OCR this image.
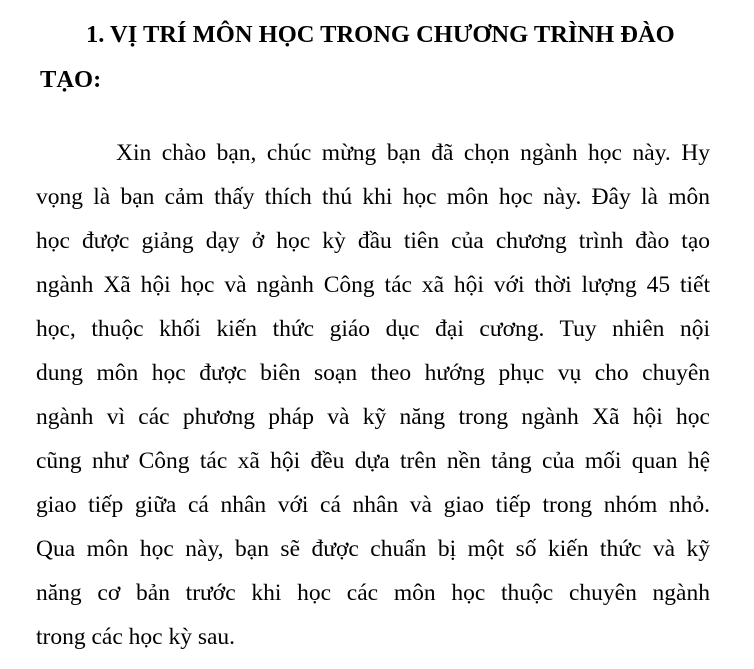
1. VỊ TRÍ MÔN HỌC TRONG CHƯƠNG TRÌNH ĐÀO
TẠO:
Xin chào bạn, chúc mừng bạn đã chọn ngành học này. Hy
vọng là bạn cảm thấy thích thú khi học môn học này. Đây là môn
học được giảng dạy ở học kỳ đầu tiên của chương trình đào tạo
ngành Xã hội học và ngành Công tác xã hội với thời lượng 45 tiết
học, thuộc khối kiến thức giáo dục đại cương. Tuy nhiên nội
dung môn học được biên soạn theo hướng phục vụ cho chuyên
ngành vì các phương pháp và kỹ năng trong ngành Xã hội học
cũng như Công tác xã hội đều dựa trên nền tảng của mối quan hệ
giao tiếp giữa cá nhân với cá nhân và giao tiếp trong nhóm nhỏ.
Qua môn học này, bạn sẽ được chuẩn bị một số kiến thức và kỹ
năng cơ bản trước khi học các môn học thuộc chuyên ngành
trong các học kỳ sau.
